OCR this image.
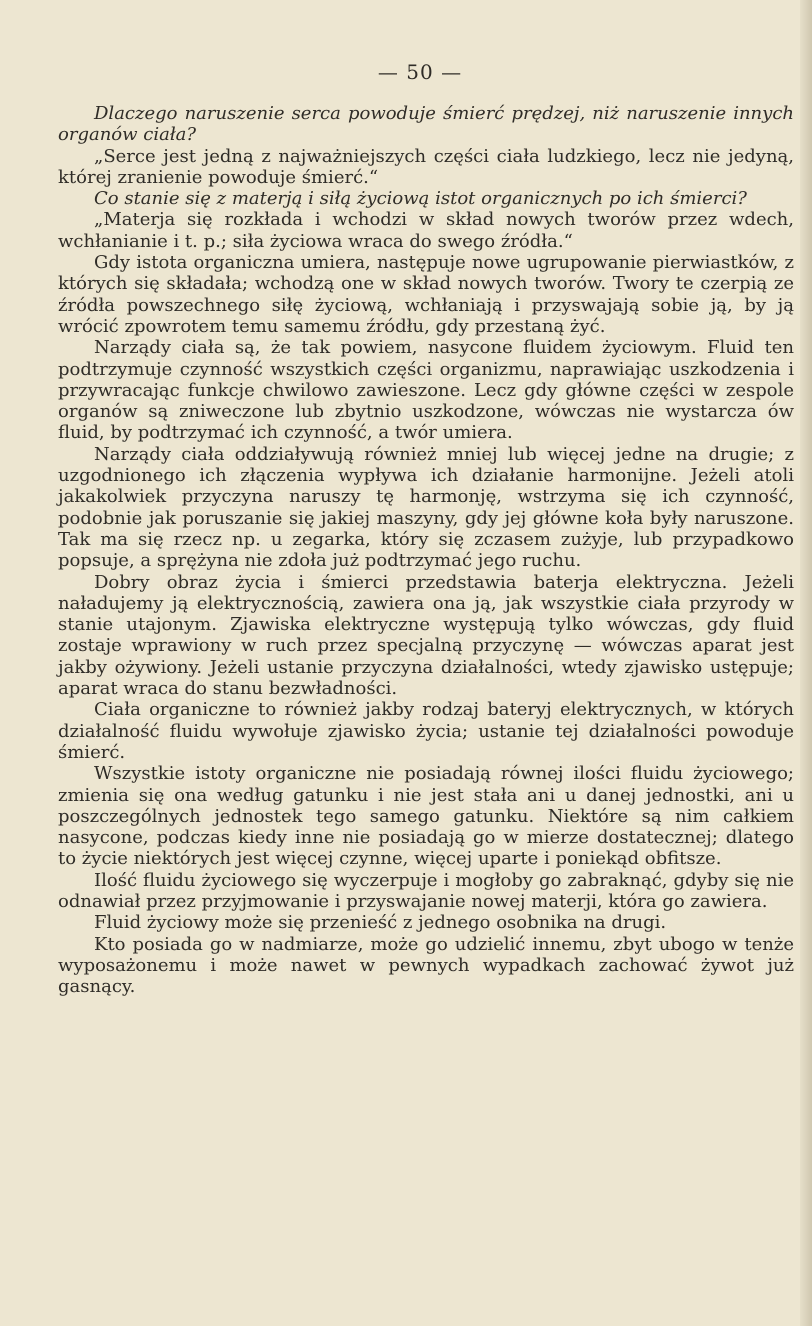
— 50 —

Dlaczego naruszenie serca powoduje śmierć prędzej, niż naruszenie innych organów ciała?

„Serce jest jedną z najważniejszych części ciała ludzkiego, lecz nie jedyną, której zranienie powoduje śmierć.“

Co stanie się z materją i siłą życiową istot organicznych po ich śmierci?

„Materja się rozkłada i wchodzi w skład nowych tworów przez wdech, wchłanianie i t. p.; siła życiowa wraca do swego źródła.“

Gdy istota organiczna umiera, następuje nowe ugrupowanie pierwiastków, z których się składała; wchodzą one w skład nowych tworów. Twory te czerpią ze źródła powszechnego siłę życiową, wchłaniają i przyswajają sobie ją, by ją wrócić zpowrotem temu samemu źródłu, gdy przestaną żyć.

Narządy ciała są, że tak powiem, nasycone fluidem życiowym. Fluid ten podtrzymuje czynność wszystkich części organizmu, naprawiając uszkodzenia i przywracając funkcje chwilowo zawieszone. Lecz gdy główne części w zespole organów są zniweczone lub zbytnio uszkodzone, wówczas nie wystarcza ów fluid, by podtrzymać ich czynność, a twór umiera.

Narządy ciała oddziaływują również mniej lub więcej jedne na drugie; z uzgodnionego ich złączenia wypływa ich działanie harmonijne. Jeżeli atoli jakakolwiek przyczyna naruszy tę harmonję, wstrzyma się ich czynność, podobnie jak poruszanie się jakiej maszyny, gdy jej główne koła były naruszone. Tak ma się rzecz np. u zegarka, który się zczasem zużyje, lub przypadkowo popsuje, a sprężyna nie zdoła już podtrzymać jego ruchu.

Dobry obraz życia i śmierci przedstawia baterja elektryczna. Jeżeli naładujemy ją elektrycznością, zawiera ona ją, jak wszystkie ciała przyrody w stanie utajonym. Zjawiska elektryczne występują tylko wówczas, gdy fluid zostaje wprawiony w ruch przez specjalną przyczynę — wówczas aparat jest jakby ożywiony. Jeżeli ustanie przyczyna działalności, wtedy zjawisko ustępuje; aparat wraca do stanu bezwładności.

Ciała organiczne to również jakby rodzaj bateryj elektrycznych, w których działalność fluidu wywołuje zjawisko życia; ustanie tej działalności powoduje śmierć.

Wszystkie istoty organiczne nie posiadają równej ilości fluidu życiowego; zmienia się ona według gatunku i nie jest stała ani u danej jednostki, ani u poszczególnych jednostek tego samego gatunku. Niektóre są nim całkiem nasycone, podczas kiedy inne nie posiadają go w mierze dostatecznej; dlatego to życie niektórych jest więcej czynne, więcej uparte i poniekąd obfitsze.

Ilość fluidu życiowego się wyczerpuje i mogłoby go zabraknąć, gdyby się nie odnawiał przez przyjmowanie i przyswajanie nowej materji, która go zawiera.

Fluid życiowy może się przenieść z jednego osobnika na drugi.

Kto posiada go w nadmiarze, może go udzielić innemu, zbyt ubogo w tenże wyposażonemu i może nawet w pewnych wypadkach zachować żywot już gasnący.
